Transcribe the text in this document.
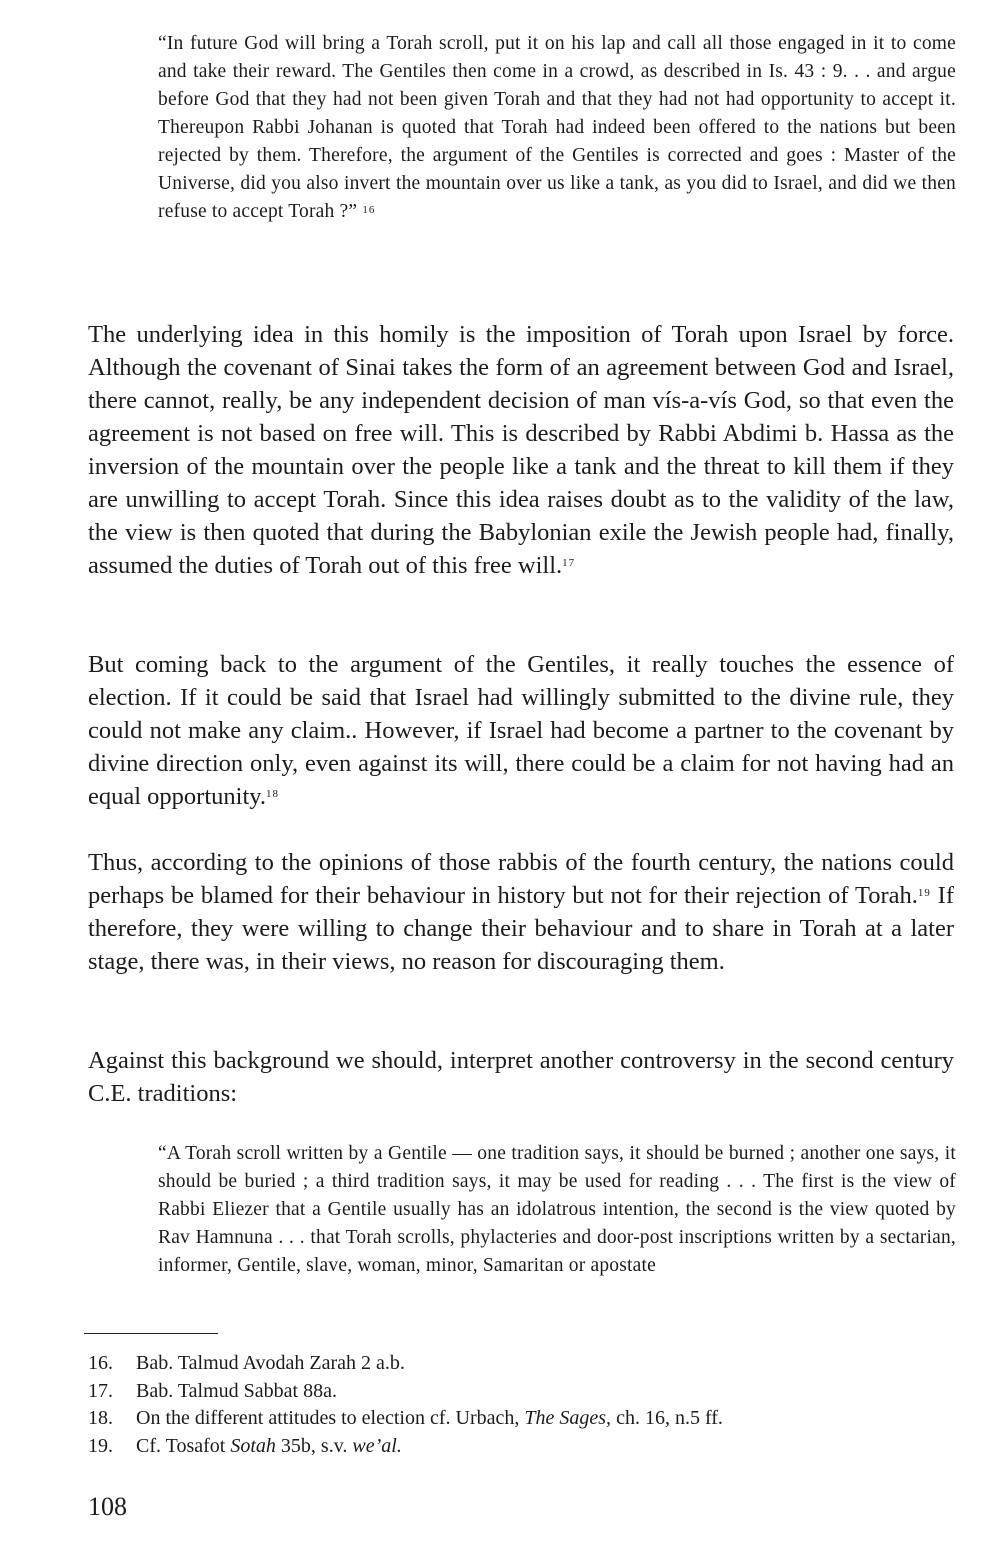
“In future God will bring a Torah scroll, put it on his lap and call all those engaged in it to come and take their reward. The Gentiles then come in a crowd, as described in Is. 43 : 9. . . and argue before God that they had not been given Torah and that they had not had opportunity to accept it. Thereupon Rabbi Johanan is quoted that Torah had indeed been offered to the nations but been rejected by them. Therefore, the argument of the Gentiles is corrected and goes : Master of the Universe, did you also invert the mountain over us like a tank, as you did to Israel, and did we then refuse to accept Torah ?” $^{16}$
The underlying idea in this homily is the imposition of Torah upon Israel by force. Although the covenant of Sinai takes the form of an agreement between God and Israel, there cannot, really, be any independent decision of man vís-a-vís God, so that even the agreement is not based on free will. This is described by Rabbi Abdimi b. Hassa as the inversion of the mountain over the people like a tank and the threat to kill them if they are unwilling to accept Torah. Since this idea raises doubt as to the validity of the law, the view is then quoted that during the Babylonian exile the Jewish people had, finally, assumed the duties of Torah out of this free will.$^{17}$
But coming back to the argument of the Gentiles, it really touches the essence of election. If it could be said that Israel had willingly submitted to the divine rule, they could not make any claim.. However, if Israel had become a partner to the covenant by divine direction only, even against its will, there could be a claim for not having had an equal opportunity.$^{18}$
Thus, according to the opinions of those rabbis of the fourth century, the nations could perhaps be blamed for their behaviour in history but not for their rejection of Torah.$^{19}$ If therefore, they were willing to change their behaviour and to share in Torah at a later stage, there was, in their views, no reason for discouraging them.
Against this background we should, interpret another controversy in the second century C.E. traditions:
“A Torah scroll written by a Gentile — one tradition says, it should be burned ; another one says, it should be buried ; a third tradition says, it may be used for reading . . . The first is the view of Rabbi Eliezer that a Gentile usually has an idolatrous intention, the second is the view quoted by Rav Hamnuna . . . that Torah scrolls, phylacteries and door-post inscriptions written by a sectarian, informer, Gentile, slave, woman, minor, Samaritan or apostate
16.	Bab. Talmud Avodah Zarah 2 a.b.
17.	Bab. Talmud Sabbat 88a.
18.	On the different attitudes to election cf. Urbach, The Sages, ch. 16, n.5 ff.
19.	Cf. Tosafot Sotah 35b, s.v. we’al.
108
